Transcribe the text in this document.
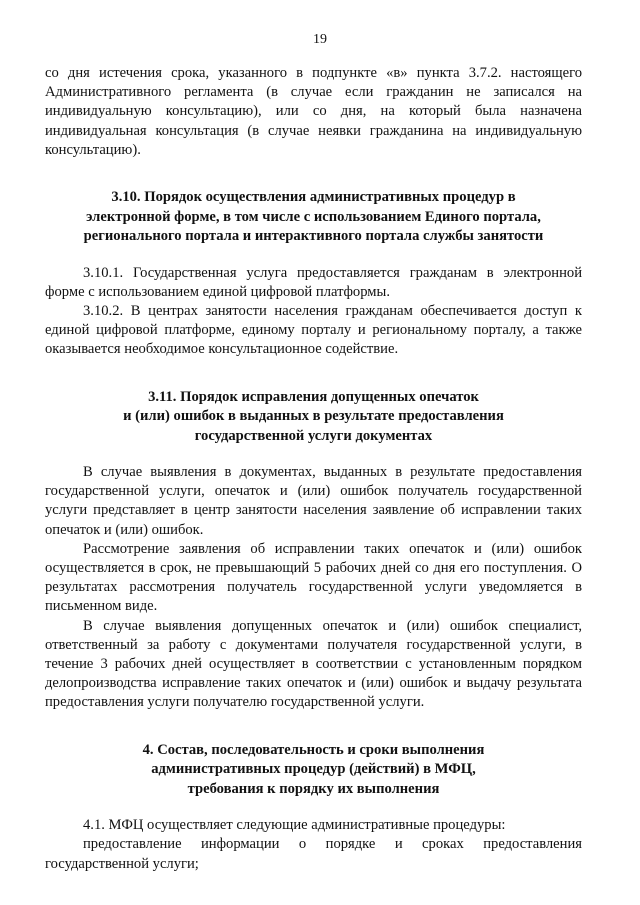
19

со дня истечения срока, указанного в подпункте «в» пункта 3.7.2. настоящего Административного регламента (в случае если гражданин не записался на индивидуальную консультацию), или со дня, на который была назначена индивидуальная консультация (в случае неявки гражданина на индивидуальную консультацию).

3.10. Порядок осуществления административных процедур в
электронной форме, в том числе с использованием Единого портала,
регионального портала и интерактивного портала службы занятости

3.10.1. Государственная услуга предоставляется гражданам в электронной форме с использованием единой цифровой платформы.

3.10.2. В центрах занятости населения гражданам обеспечивается доступ к единой цифровой платформе, единому порталу и региональному порталу, а также оказывается необходимое консультационное содействие.

3.11. Порядок исправления допущенных опечаток
и (или) ошибок в выданных в результате предоставления
государственной услуги документах

В случае выявления в документах, выданных в результате предоставления государственной услуги, опечаток и (или) ошибок получатель государственной услуги представляет в центр занятости населения заявление об исправлении таких опечаток и (или) ошибок.

Рассмотрение заявления об исправлении таких опечаток и (или) ошибок осуществляется в срок, не превышающий 5 рабочих дней со дня его поступления. О результатах рассмотрения получатель государственной услуги уведомляется в письменном виде.

В случае выявления допущенных опечаток и (или) ошибок специалист, ответственный за работу с документами получателя государственной услуги, в течение 3 рабочих дней осуществляет в соответствии с установленным порядком делопроизводства исправление таких опечаток и (или) ошибок и выдачу результата предоставления услуги получателю государственной услуги.

4. Состав, последовательность и сроки выполнения
административных процедур (действий) в МФЦ,
требования к порядку их выполнения

4.1. МФЦ осуществляет следующие административные процедуры:

предоставление информации о порядке и сроках предоставления государственной услуги;
